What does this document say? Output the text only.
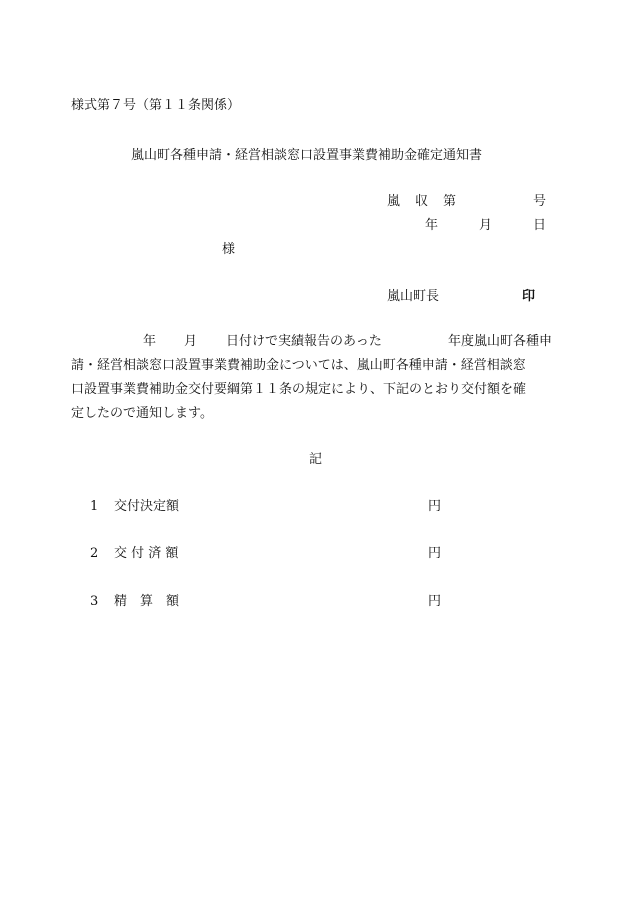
様式第７号（第１１条関係）
嵐山町各種申請・経営相談窓口設置事業費補助金確定通知書
嵐 収 第	号
年	月	日
様
嵐山町長	印
年 月 日付けで実績報告のあった	年度嵐山町各種申
請・経営相談窓口設置事業費補助金については、嵐山町各種申請・経営相談窓
口設置事業費補助金交付要綱第１１条の規定により、下記のとおり交付額を確
定したので通知します。
記
1 交付決定額	円
2 交 付 済 額	円
3 精　算　額	円
